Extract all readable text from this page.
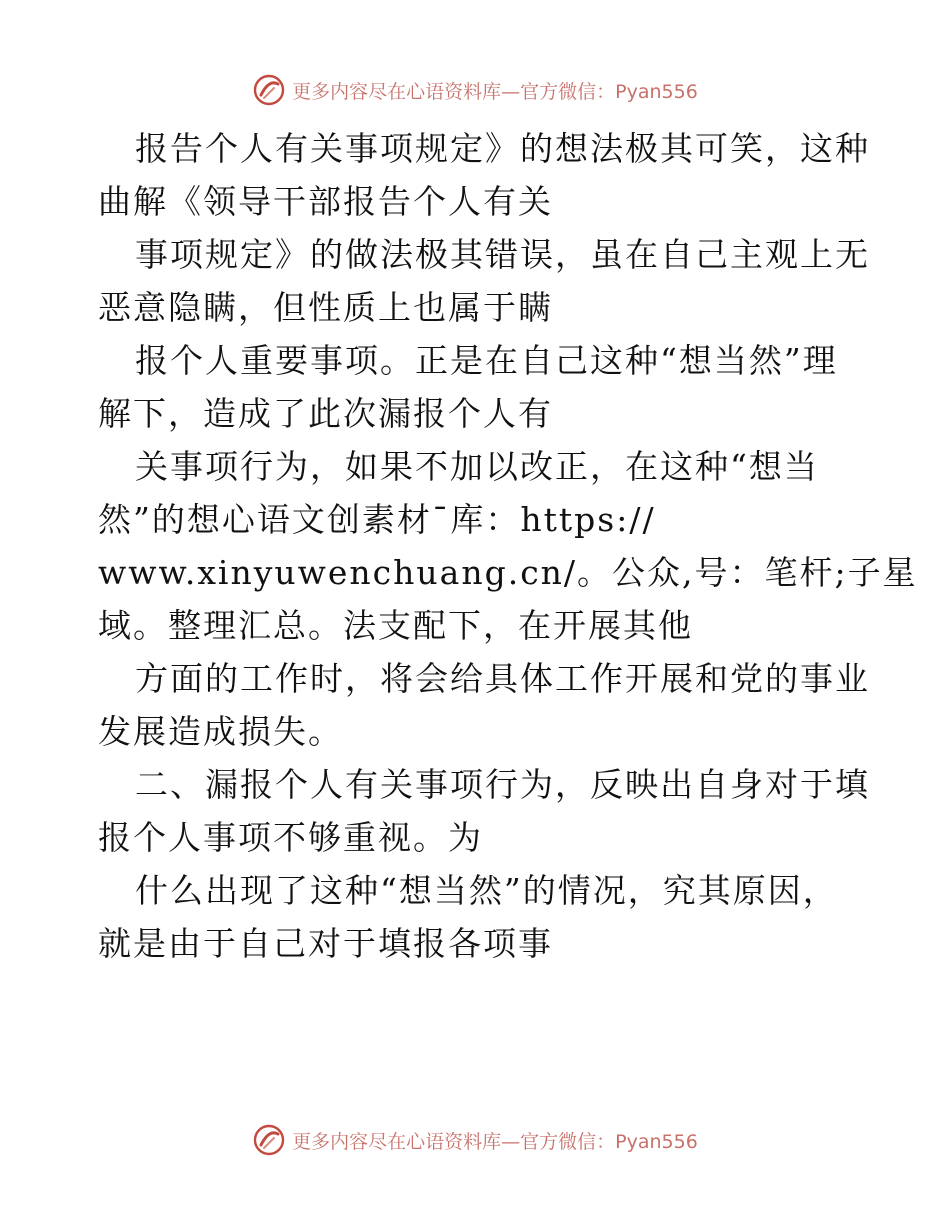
更多内容尽在心语资料库—官方微信：Pyan556
报告个人有关事项规定》的想法极其可笑，这种
曲解《领导干部报告个人有关
事项规定》的做法极其错误，虽在自己主观上无
恶意隐瞒，但性质上也属于瞒
报个人重要事项。正是在自己这种“想当然”理
解下，造成了此次漏报个人有
关事项行为，如果不加以改正，在这种“想当
然”的想心语文创素材¯库：https://
www.xinyuwenchuang.cn/。公众,号：笔杆;子星
域。整理汇总。法支配下，在开展其他
方面的工作时，将会给具体工作开展和党的事业
发展造成损失。
二、漏报个人有关事项行为，反映出自身对于填
报个人事项不够重视。为
什么出现了这种“想当然”的情况，究其原因，
就是由于自己对于填报各项事
更多内容尽在心语资料库—官方微信：Pyan556
